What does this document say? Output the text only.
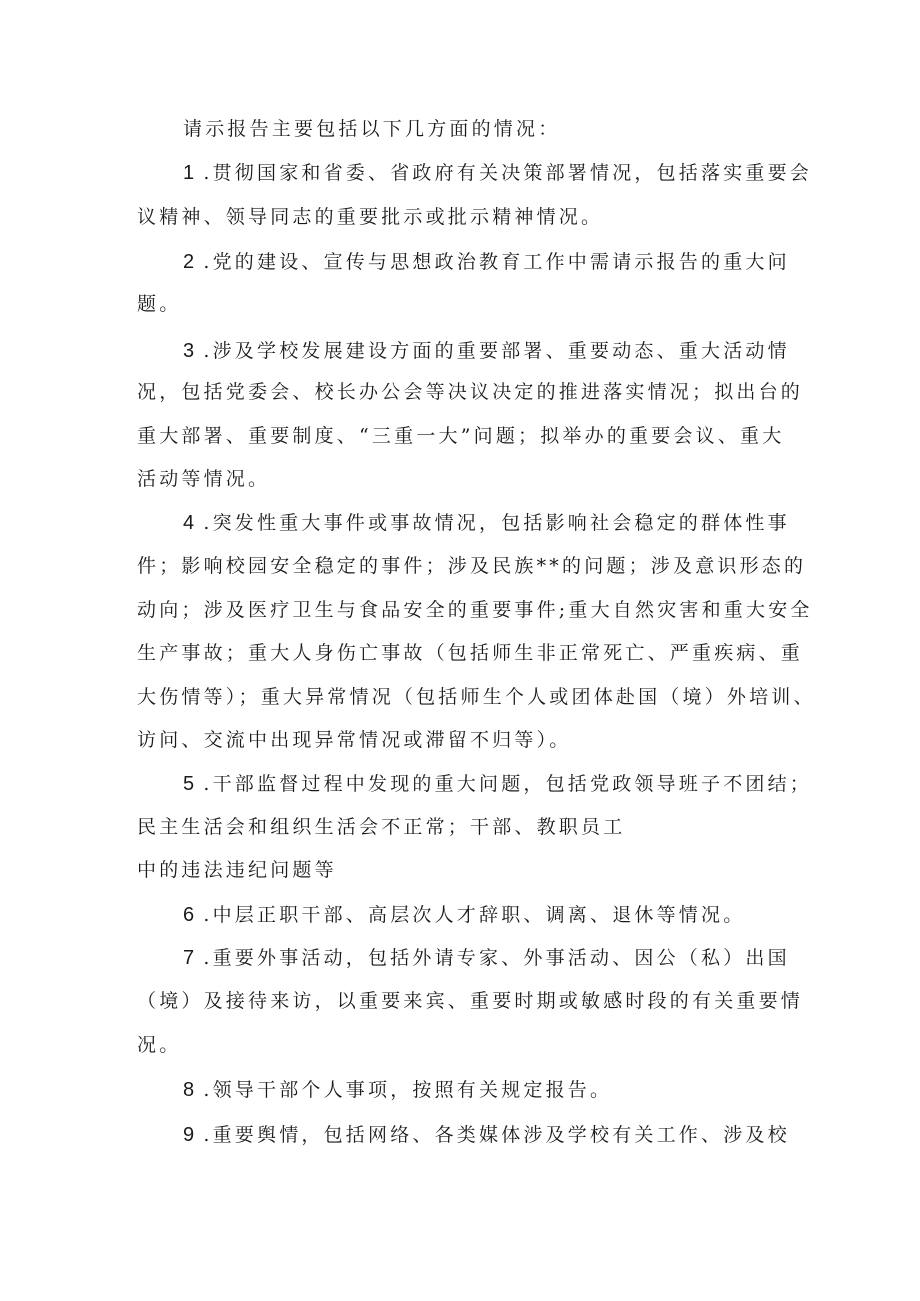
请示报告主要包括以下几方面的情况：
1 .贯彻国家和省委、省政府有关决策部署情况，包括落实重要会
议精神、领导同志的重要批示或批示精神情况。
2 .党的建设、宣传与思想政治教育工作中需请示报告的重大问
题。
3 .涉及学校发展建设方面的重要部署、重要动态、重大活动情
况，包括党委会、校长办公会等决议决定的推进落实情况；拟出台的
重大部署、重要制度、“三重一大”问题；拟举办的重要会议、重大
活动等情况。
4 .突发性重大事件或事故情况，包括影响社会稳定的群体性事
件；影响校园安全稳定的事件；涉及民族**的问题；涉及意识形态的
动向；涉及医疗卫生与食品安全的重要事件;重大自然灾害和重大安全
生产事故；重大人身伤亡事故（包括师生非正常死亡、严重疾病、重
大伤情等）；重大异常情况（包括师生个人或团体赴国（境）外培训、
访问、交流中出现异常情况或滞留不归等）。
5 .干部监督过程中发现的重大问题，包括党政领导班子不团结；
民主生活会和组织生活会不正常；干部、教职员工
中的违法违纪问题等
6 .中层正职干部、高层次人才辞职、调离、退休等情况。
7 .重要外事活动，包括外请专家、外事活动、因公（私）出国
（境）及接待来访，以重要来宾、重要时期或敏感时段的有关重要情
况。
8 .领导干部个人事项，按照有关规定报告。
9 .重要舆情，包括网络、各类媒体涉及学校有关工作、涉及校
